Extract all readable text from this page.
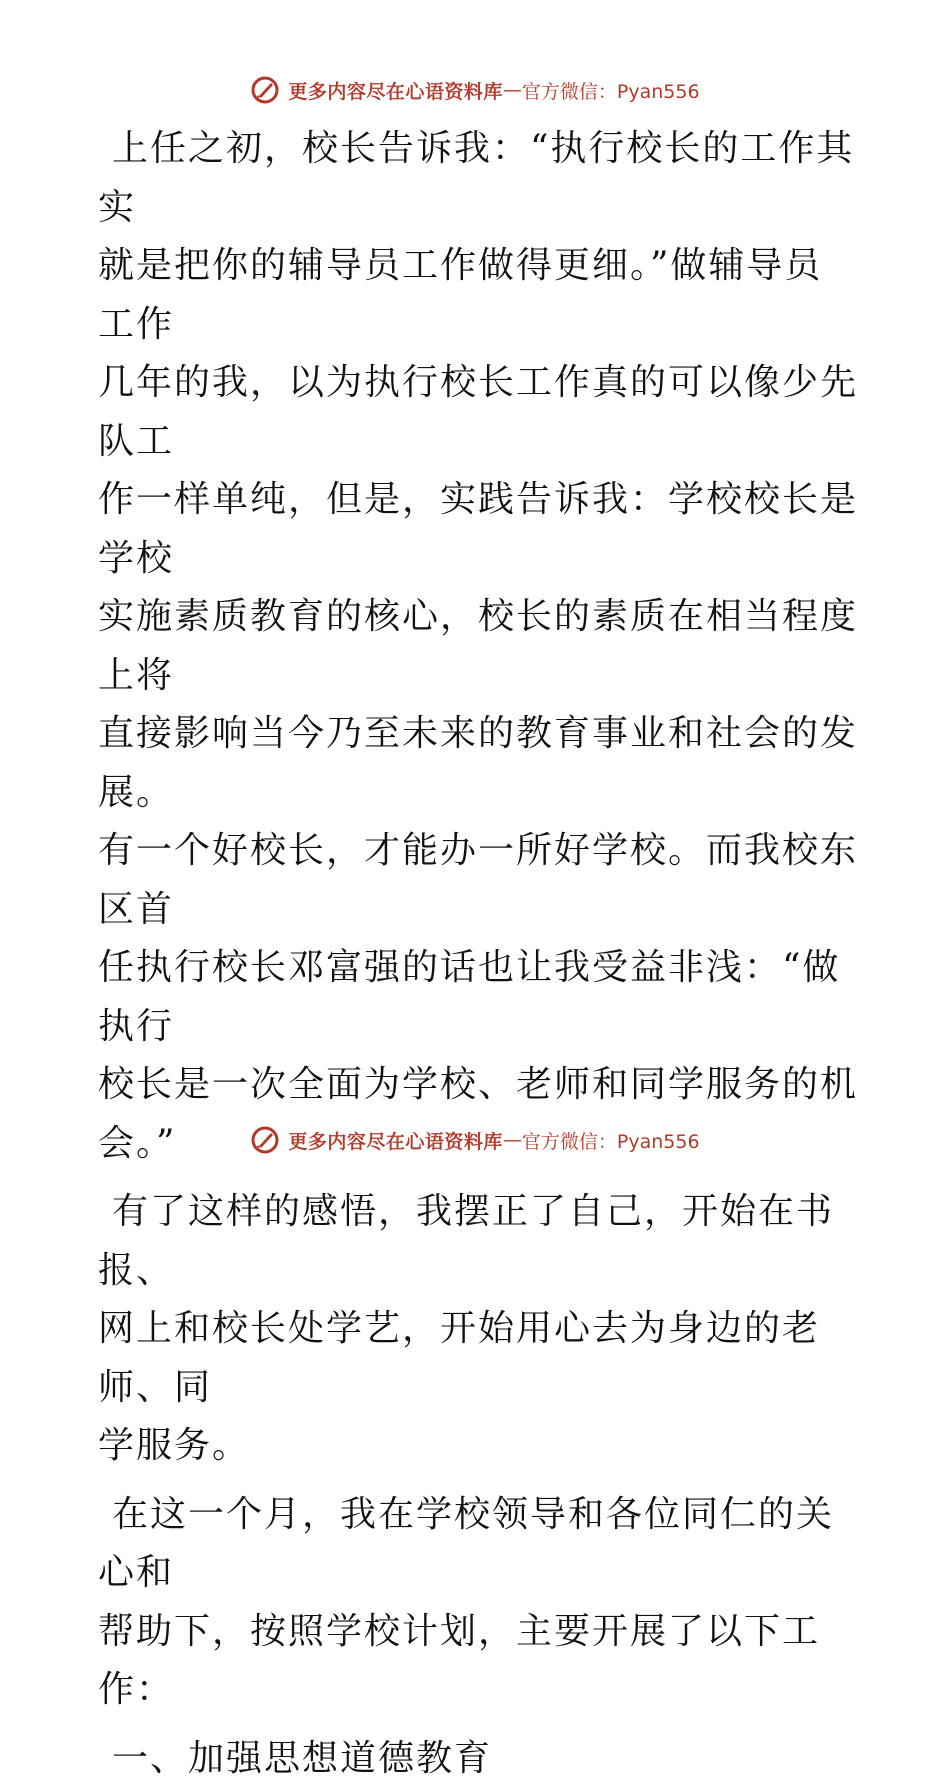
更多内容尽在心语资料库 — 官方微信：Pyan556

上任之初，校长告诉我：“执行校长的工作其实
就是把你的辅导员工作做得更细。”做辅导员工作
几年的我，以为执行校长工作真的可以像少先队工
作一样单纯，但是，实践告诉我：学校校长是学校
实施素质教育的核心，校长的素质在相当程度上将
直接影响当今乃至未来的教育事业和社会的发展。
有一个好校长，才能办一所好学校。而我校东区首
任执行校长邓富强的话也让我受益非浅：“做执行
校长是一次全面为学校、老师和同学服务的机
会。”

有了这样的感悟，我摆正了自己，开始在书报、
网上和校长处学艺，开始用心去为身边的老师、同
学服务。

在这一个月，我在学校领导和各位同仁的关心和
帮助下，按照学校计划，主要开展了以下工作：

一、加强思想道德教育

更多内容尽在心语资料库 — 官方微信：Pyan556
